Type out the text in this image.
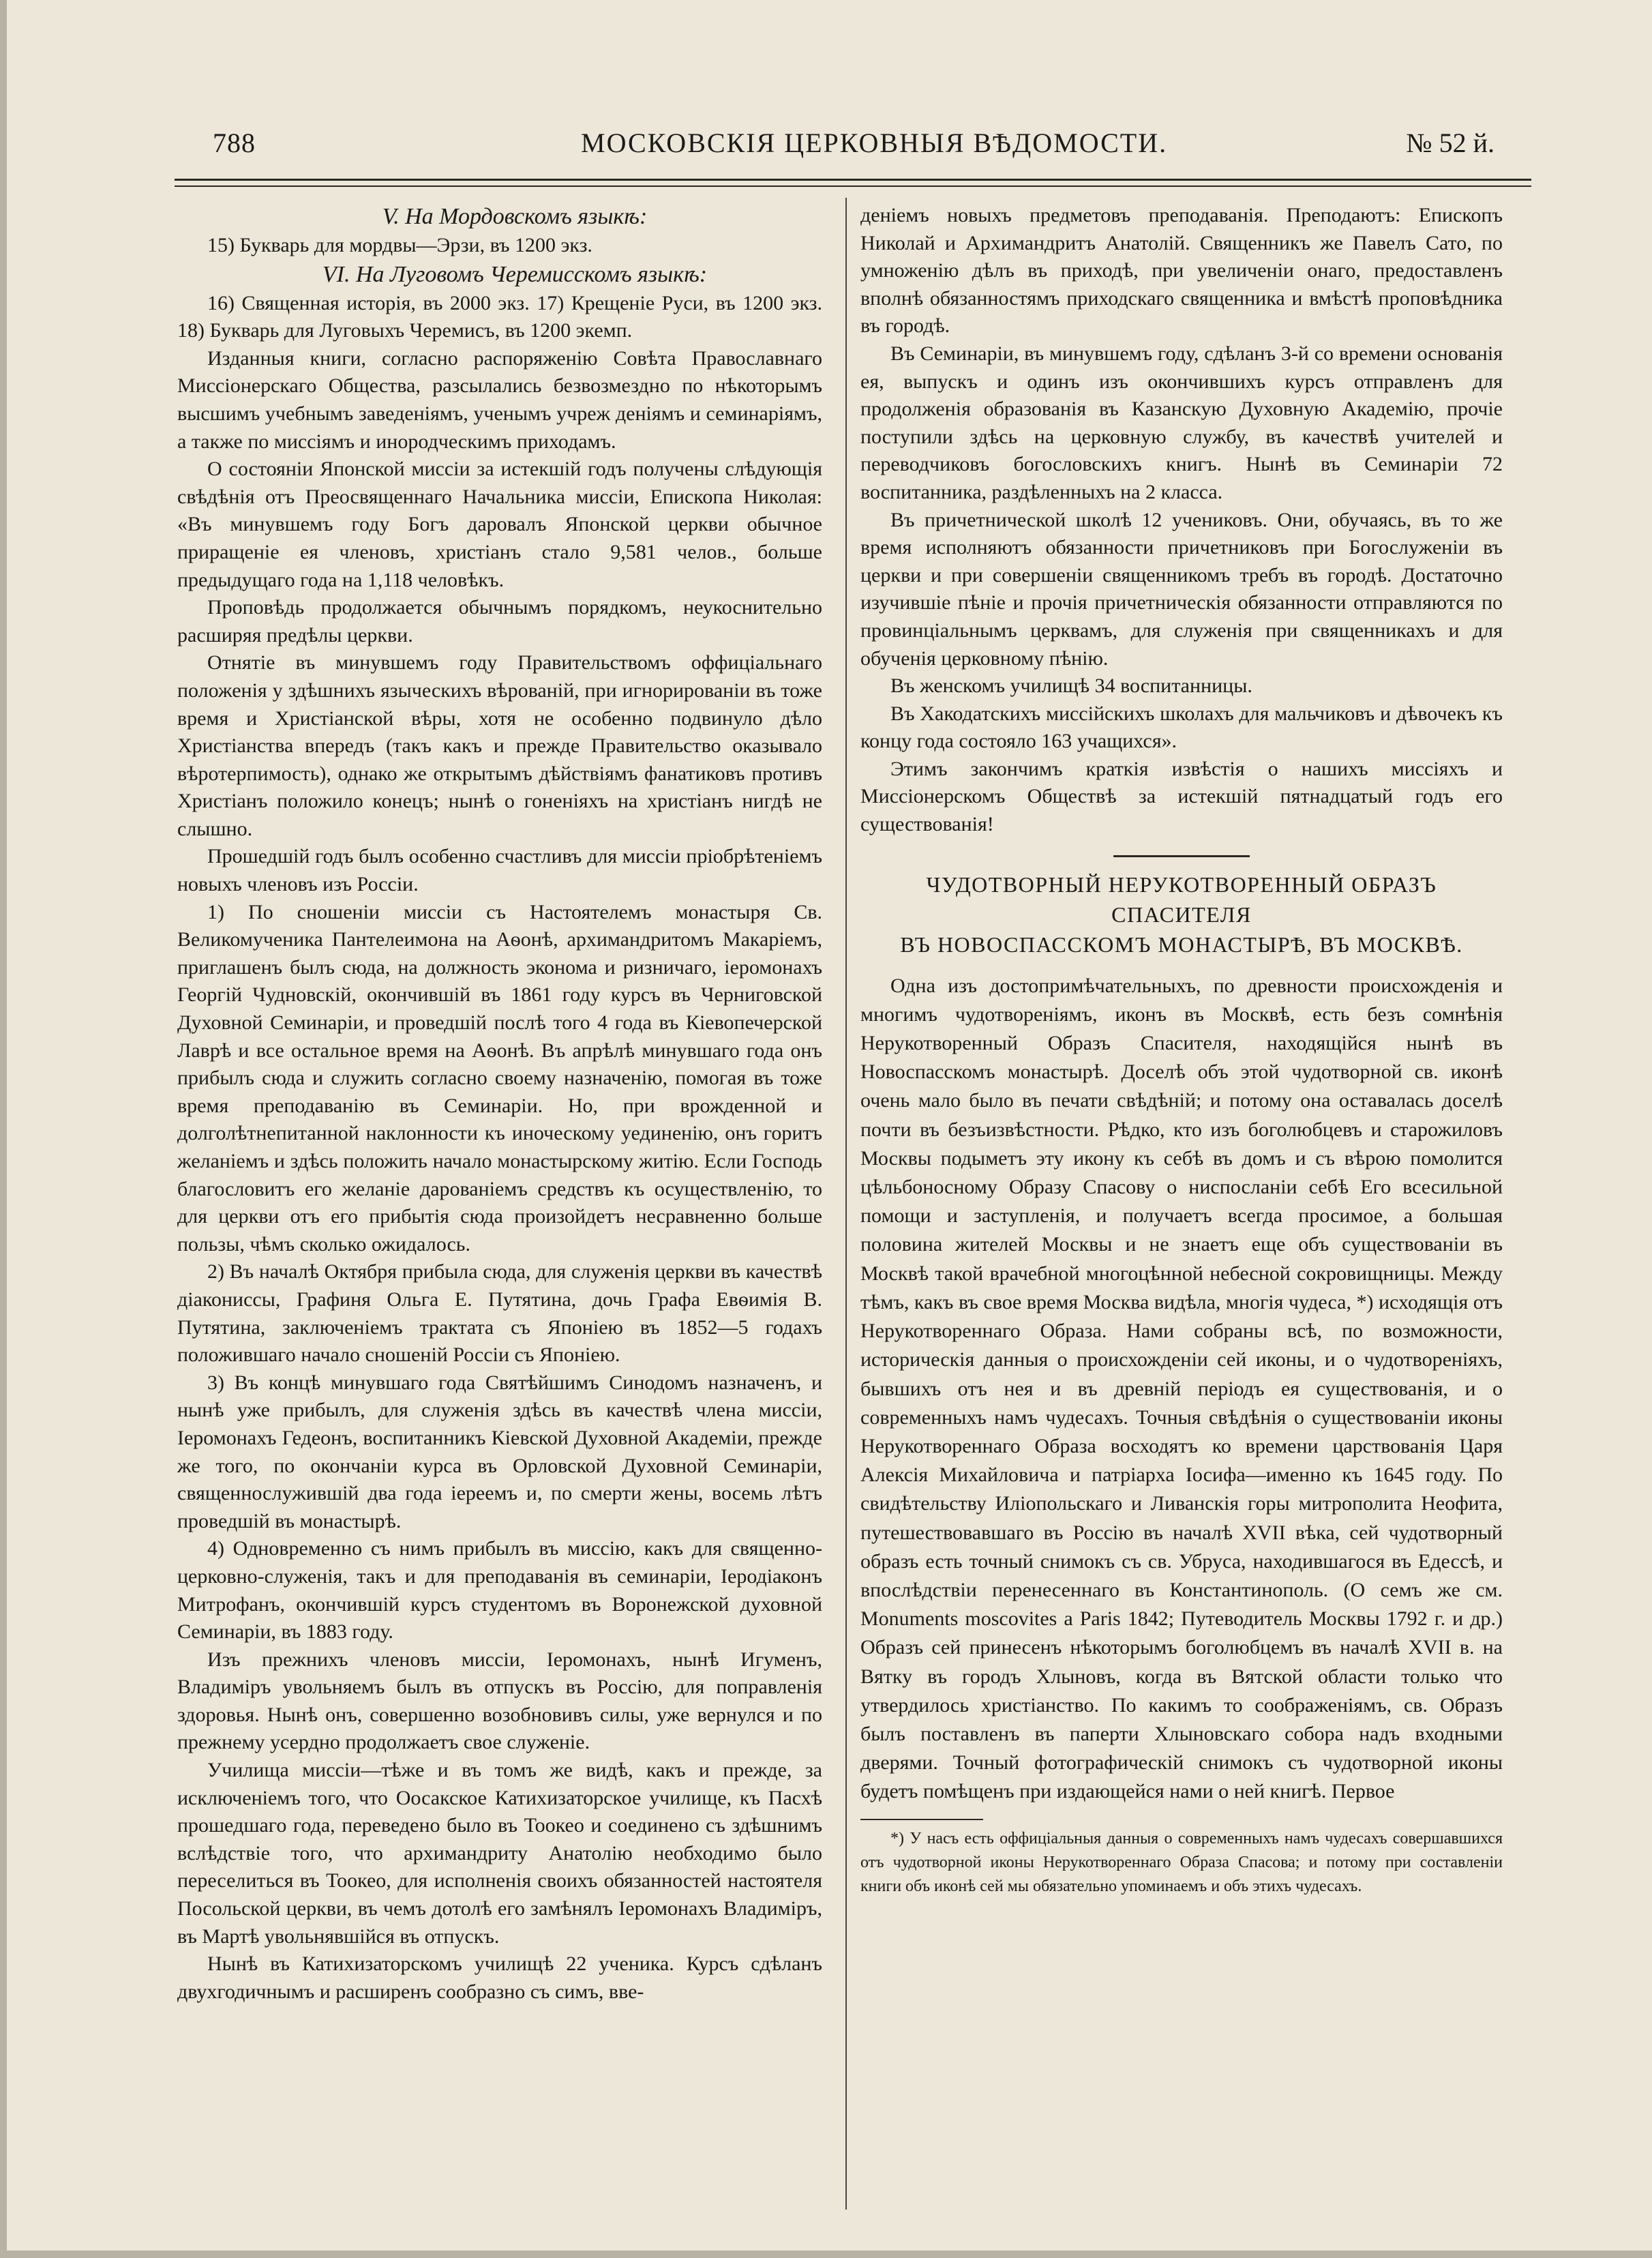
788	МОСКОВСКІЯ ЦЕРКОВНЫЯ ВѢДОМОСТИ.	№ 52 й.

V. На Мордовскомъ языкѣ:

15) Букварь для мордвы—Эрзи, въ 1200 экз.

VI. На Луговомъ Черемисскомъ языкѣ:

16) Священная исторія, въ 2000 экз. 17) Крещеніе Руси, въ 1200 экз. 18) Букварь для Луговыхъ Черемисъ, въ 1200 экемп.

Изданныя книги, согласно распоряженію Совѣта Православнаго Миссіонерскаго Общества, разсылались безвозмездно по нѣкоторымъ высшимъ учебнымъ заведеніямъ, ученымъ учреж деніямъ и семинаріямъ, а также по миссіямъ и инородческимъ приходамъ.

О состояніи Японской миссіи за истекшій годъ получены слѣдующія свѣдѣнія отъ Преосвященнаго Начальника миссіи, Епископа Николая: «Въ минувшемъ году Богъ даровалъ Японской церкви обычное приращеніе ея членовъ, христіанъ стало 9,581 челов., больше предыдущаго года на 1,118 человѣкъ.

Проповѣдь продолжается обычнымъ порядкомъ, неукоснительно расширяя предѣлы церкви.

Отнятіе въ минувшемъ году Правительствомъ оффиціальнаго положенія у здѣшнихъ языческихъ вѣрованій, при игнорированіи въ тоже время и Христіанской вѣры, хотя не особенно подвинуло дѣло Христіанства впередъ (такъ какъ и прежде Правительство оказывало вѣротерпимость), однако же открытымъ дѣйствіямъ фанатиковъ противъ Христіанъ положило конецъ; нынѣ о гоненіяхъ на христіанъ нигдѣ не слышно.

Прошедшій годъ былъ особенно счастливъ для миссіи пріобрѣтеніемъ новыхъ членовъ изъ Россіи.

1) По сношеніи миссіи съ Настоятелемъ монастыря Св. Великомученика Пантелеимона на Аѳонѣ, архимандритомъ Макаріемъ, приглашенъ былъ сюда, на должность эконома и ризничаго, іеромонахъ Георгій Чудновскій, окончившій въ 1861 году курсъ въ Черниговской Духовной Семинаріи, и проведшій послѣ того 4 года въ Кіевопечерской Лаврѣ и все остальное время на Аѳонѣ. Въ апрѣлѣ минувшаго года онъ прибылъ сюда и служить согласно своему назначенію, помогая въ тоже время преподаванію въ Семинаріи. Но, при врожденной и долголѣтнепитанной наклонности къ иноческому уединенію, онъ горитъ желаніемъ и здѣсь положить начало монастырскому житію. Если Господь благословитъ его желаніе дарованіемъ средствъ къ осуществленію, то для церкви отъ его прибытія сюда произойдетъ несравненно больше пользы, чѣмъ сколько ожидалось.

2) Въ началѣ Октября прибыла сюда, для служенія церкви въ качествѣ діакониссы, Графиня Ольга Е. Путятина, дочь Графа Евѳимія В. Путятина, заключеніемъ трактата съ Японіею въ 1852—5 годахъ положившаго начало сношеній Россіи съ Японіею.

3) Въ концѣ минувшаго года Святѣйшимъ Синодомъ назначенъ, и нынѣ уже прибылъ, для служенія здѣсь въ качествѣ члена миссіи, Іеромонахъ Гедеонъ, воспитанникъ Кіевской Духовной Академіи, прежде же того, по окончаніи курса въ Орловской Духовной Семинаріи, священнослужившій два года іереемъ и, по смерти жены, восемь лѣтъ проведшій въ монастырѣ.

4) Одновременно съ нимъ прибылъ въ миссію, какъ для священно-церковно-служенія, такъ и для преподаванія въ семинаріи, Іеродіаконъ Митрофанъ, окончившій курсъ студентомъ въ Воронежской духовной Семинаріи, въ 1883 году.

Изъ прежнихъ членовъ миссіи, Іеромонахъ, нынѣ Игуменъ, Владиміръ увольняемъ былъ въ отпускъ въ Россію, для поправленія здоровья. Нынѣ онъ, совершенно возобновивъ силы, уже вернулся и по прежнему усердно продолжаетъ свое служеніе.

Училища миссіи—тѣже и въ томъ же видѣ, какъ и прежде, за исключеніемъ того, что Оосакское Катихизаторское училище, къ Пасхѣ прошедшаго года, переведено было въ Тоокео и соединено съ здѣшнимъ вслѣдствіе того, что архимандриту Анатолію необходимо было переселиться въ Тоокео, для исполненія своихъ обязанностей настоятеля Посольской церкви, въ чемъ дотолѣ его замѣнялъ Іеромонахъ Владиміръ, въ Мартѣ увольнявшійся въ отпускъ.

Нынѣ въ Катихизаторскомъ училищѣ 22 ученика. Курсъ сдѣланъ двухгодичнымъ и расширенъ сообразно съ симъ, вве-

деніемъ новыхъ предметовъ преподаванія. Преподаютъ: Епископъ Николай и Архимандритъ Анатолій. Священникъ же Павелъ Сато, по умноженію дѣлъ въ приходѣ, при увеличеніи онаго, предоставленъ вполнѣ обязанностямъ приходскаго священника и вмѣстѣ проповѣдника въ городѣ.

Въ Семинаріи, въ минувшемъ году, сдѣланъ 3-й со времени основанія ея, выпускъ и одинъ изъ окончившихъ курсъ отправленъ для продолженія образованія въ Казанскую Духовную Академію, прочіе поступили здѣсь на церковную службу, въ качествѣ учителей и переводчиковъ богословскихъ книгъ. Нынѣ въ Семинаріи 72 воспитанника, раздѣленныхъ на 2 класса.

Въ причетнической школѣ 12 учениковъ. Они, обучаясь, въ то же время исполняютъ обязанности причетниковъ при Богослуженіи въ церкви и при совершеніи священникомъ требъ въ городѣ. Достаточно изучившіе пѣніе и прочія причетническія обязанности отправляются по провинціальнымъ церквамъ, для служенія при священникахъ и для обученія церковному пѣнію.

Въ женскомъ училищѣ 34 воспитанницы.

Въ Хакодатскихъ миссійскихъ школахъ для мальчиковъ и дѣвочекъ къ концу года состояло 163 учащихся».

Этимъ закончимъ краткія извѣстія о нашихъ миссіяхъ и Миссіонерскомъ Обществѣ за истекшій пятнадцатый годъ его существованія!

ЧУДОТВОРНЫЙ НЕРУКОТВОРЕННЫЙ ОБРАЗЪ СПАСИТЕЛЯ
ВЪ НОВОСПАССКОМЪ МОНАСТЫРѢ, ВЪ МОСКВѢ.

Одна изъ достопримѣчательныхъ, по древности происхожденія и многимъ чудотвореніямъ, иконъ въ Москвѣ, есть безъ сомнѣнія Нерукотворенный Образъ Спасителя, находящійся нынѣ въ Новоспасскомъ монастырѣ. Доселѣ объ этой чудотворной св. иконѣ очень мало было въ печати свѣдѣній; и потому она оставалась доселѣ почти въ безъизвѣстности. Рѣдко, кто изъ боголюбцевъ и старожиловъ Москвы подыметъ эту икону къ себѣ въ домъ и съ вѣрою помолится цѣльбоносному Образу Спасову о ниспосланіи себѣ Его всесильной помощи и заступленія, и получаетъ всегда просимое, а большая половина жителей Москвы и не знаетъ еще объ существованіи въ Москвѣ такой врачебной многоцѣнной небесной сокровищницы. Между тѣмъ, какъ въ свое время Москва видѣла, многія чудеса, *) исходящія отъ Нерукотвореннаго Образа. Нами собраны всѣ, по возможности, историческія данныя о происхожденіи сей иконы, и о чудотвореніяхъ, бывшихъ отъ нея и въ древній періодъ ея существованія, и о современныхъ намъ чудесахъ. Точныя свѣдѣнія о существованіи иконы Нерукотвореннаго Образа восходятъ ко времени царствованія Царя Алексія Михайловича и патріарха Іосифа—именно къ 1645 году. По свидѣтельству Иліопольскаго и Ливанскія горы митрополита Неофита, путешествовавшаго въ Россію въ началѣ XVII вѣка, сей чудотворный образъ есть точный снимокъ съ св. Убруса, находившагося въ Едессѣ, и впослѣдствіи перенесеннаго въ Константинополь. (О семъ же см. Monuments moscovites a Paris 1842; Путеводитель Москвы 1792 г. и др.) Образъ сей принесенъ нѣкоторымъ боголюбцемъ въ началѣ XVII в. на Вятку въ городъ Хлыновъ, когда въ Вятской области только что утвердилось христіанство. По какимъ то соображеніямъ, св. Образъ былъ поставленъ въ паперти Хлыновскаго собора надъ входными дверями. Точный фотографическій снимокъ съ чудотворной иконы будетъ помѣщенъ при издающейся нами о ней книгѣ. Первое

*) У насъ есть оффиціальныя данныя о современныхъ намъ чудесахъ совершавшихся отъ чудотворной иконы Нерукотвореннаго Образа Спасова; и потому при составленіи книги объ иконѣ сей мы обязательно упоминаемъ и объ этихъ чудесахъ.
